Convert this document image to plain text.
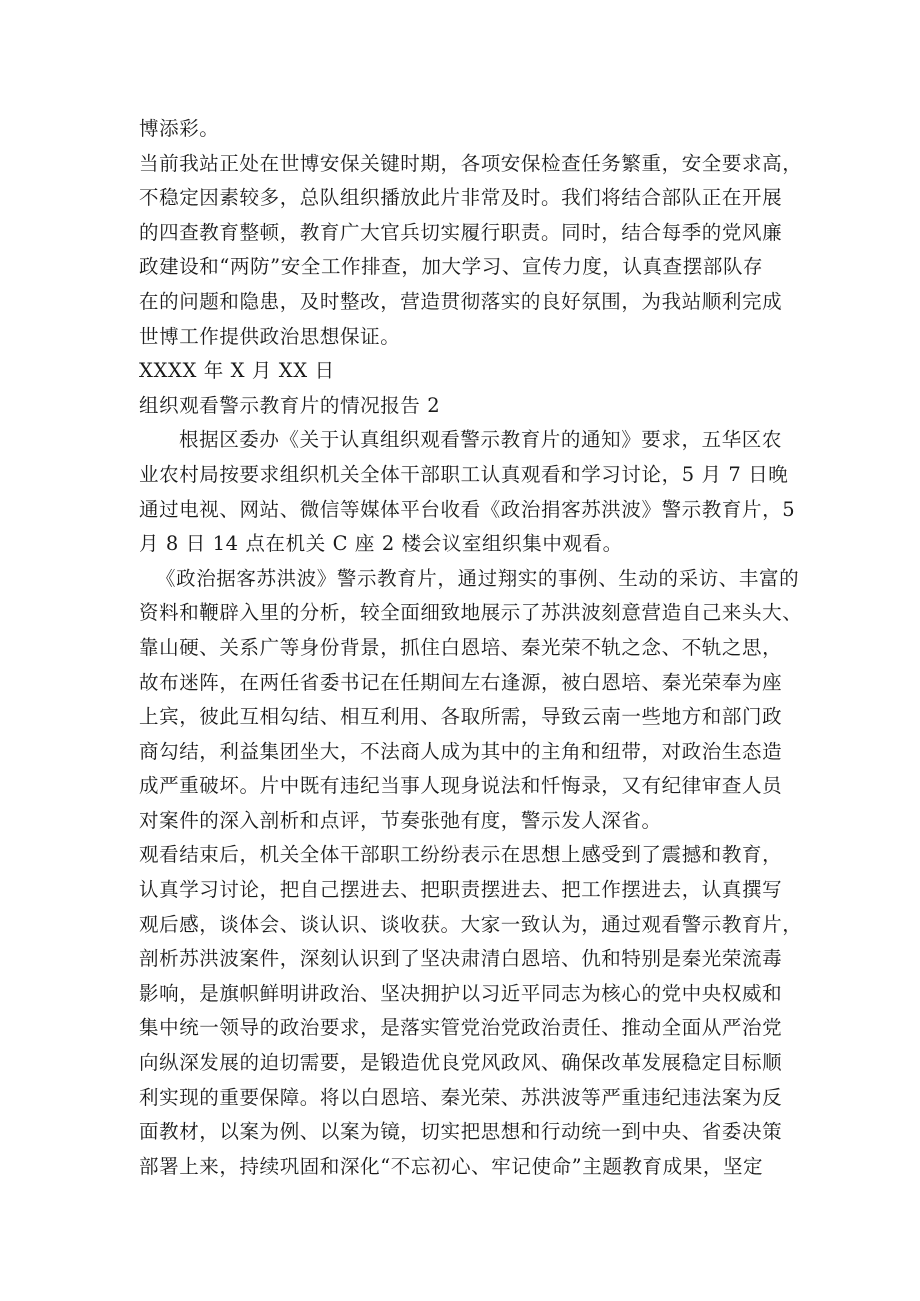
博添彩。
当前我站正处在世博安保关键时期，各项安保检查任务繁重，安全要求高，
不稳定因素较多，总队组织播放此片非常及时。我们将结合部队正在开展
的四查教育整顿，教育广大官兵切实履行职责。同时，结合每季的党风廉
政建设和“两防”安全工作排查，加大学习、宣传力度，认真查摆部队存
在的问题和隐患，及时整改，营造贯彻落实的良好氛围，为我站顺利完成
世博工作提供政治思想保证。
XXXX 年 X 月 XX 日
组织观看警示教育片的情况报告 2
根据区委办《关于认真组织观看警示教育片的通知》要求，五华区农
业农村局按要求组织机关全体干部职工认真观看和学习讨论，5 月 7 日晚
通过电视、网站、微信等媒体平台收看《政治捐客苏洪波》警示教育片，5
月 8 日 14 点在机关 C 座 2 楼会议室组织集中观看。
《政治据客苏洪波》警示教育片，通过翔实的事例、生动的采访、丰富的
资料和鞭辟入里的分析，较全面细致地展示了苏洪波刻意营造自己来头大、
靠山硬、关系广等身份背景，抓住白恩培、秦光荣不轨之念、不轨之思，
故布迷阵，在两任省委书记在任期间左右逢源，被白恩培、秦光荣奉为座
上宾，彼此互相勾结、相互利用、各取所需，导致云南一些地方和部门政
商勾结，利益集团坐大，不法商人成为其中的主角和纽带，对政治生态造
成严重破坏。片中既有违纪当事人现身说法和忏悔录，又有纪律审查人员
对案件的深入剖析和点评，节奏张弛有度，警示发人深省。
观看结束后，机关全体干部职工纷纷表示在思想上感受到了震撼和教育，
认真学习讨论，把自己摆进去、把职责摆进去、把工作摆进去，认真撰写
观后感，谈体会、谈认识、谈收获。大家一致认为，通过观看警示教育片，
剖析苏洪波案件，深刻认识到了坚决肃清白恩培、仇和特别是秦光荣流毒
影响，是旗帜鲜明讲政治、坚决拥护以习近平同志为核心的党中央权威和
集中统一领导的政治要求，是落实管党治党政治责任、推动全面从严治党
向纵深发展的迫切需要，是锻造优良党风政风、确保改革发展稳定目标顺
利实现的重要保障。将以白恩培、秦光荣、苏洪波等严重违纪违法案为反
面教材，以案为例、以案为镜，切实把思想和行动统一到中央、省委决策
部署上来，持续巩固和深化“不忘初心、牢记使命”主题教育成果，坚定
